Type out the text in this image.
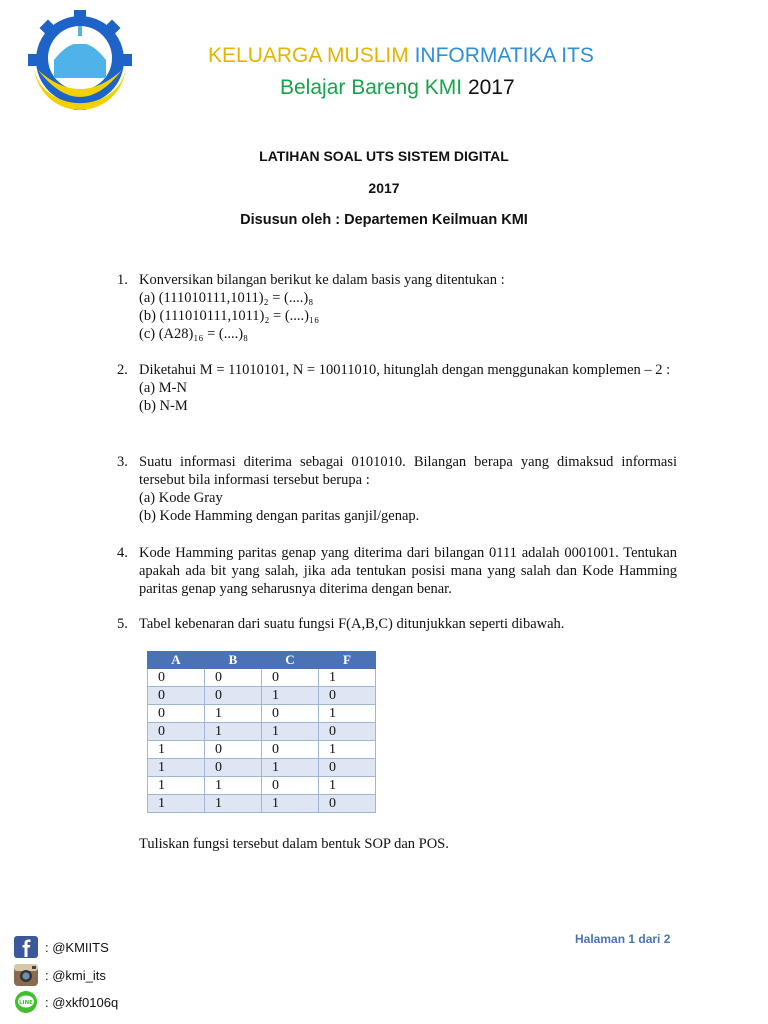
KELUARGA MUSLIM INFORMATIKA ITS
Belajar Bareng KMI 2017
LATIHAN SOAL UTS SISTEM DIGITAL
2017
Disusun oleh : Departemen Keilmuan KMI
1. Konversikan bilangan berikut ke dalam basis yang ditentukan :
(a) (111010111,1011)₂ = (....)₈
(b) (111010111,1011)₂ = (....)₁₆
(c) (A28)₁₆ = (....)₈
2. Diketahui M = 11010101, N = 10011010, hitunglah dengan menggunakan komplemen – 2 :
(a) M-N
(b) N-M
3. Suatu informasi diterima sebagai 0101010. Bilangan berapa yang dimaksud informasi tersebut bila informasi tersebut berupa :
(a) Kode Gray
(b) Kode Hamming dengan paritas ganjil/genap.
4. Kode Hamming paritas genap yang diterima dari bilangan 0111 adalah 0001001. Tentukan apakah ada bit yang salah, jika ada tentukan posisi mana yang salah dan Kode Hamming paritas genap yang seharusnya diterima dengan benar.
5. Tabel kebenaran dari suatu fungsi F(A,B,C) ditunjukkan seperti dibawah.
A	B	C	F
0	0	0	1
0	0	1	0
0	1	0	1
0	1	1	0
1	0	0	1
1	0	1	0
1	1	0	1
1	1	1	0
Tuliskan fungsi tersebut dalam bentuk SOP dan POS.
Halaman 1 dari 2
: @KMIITS
: @kmi_its
LINE : @xkf0106q
